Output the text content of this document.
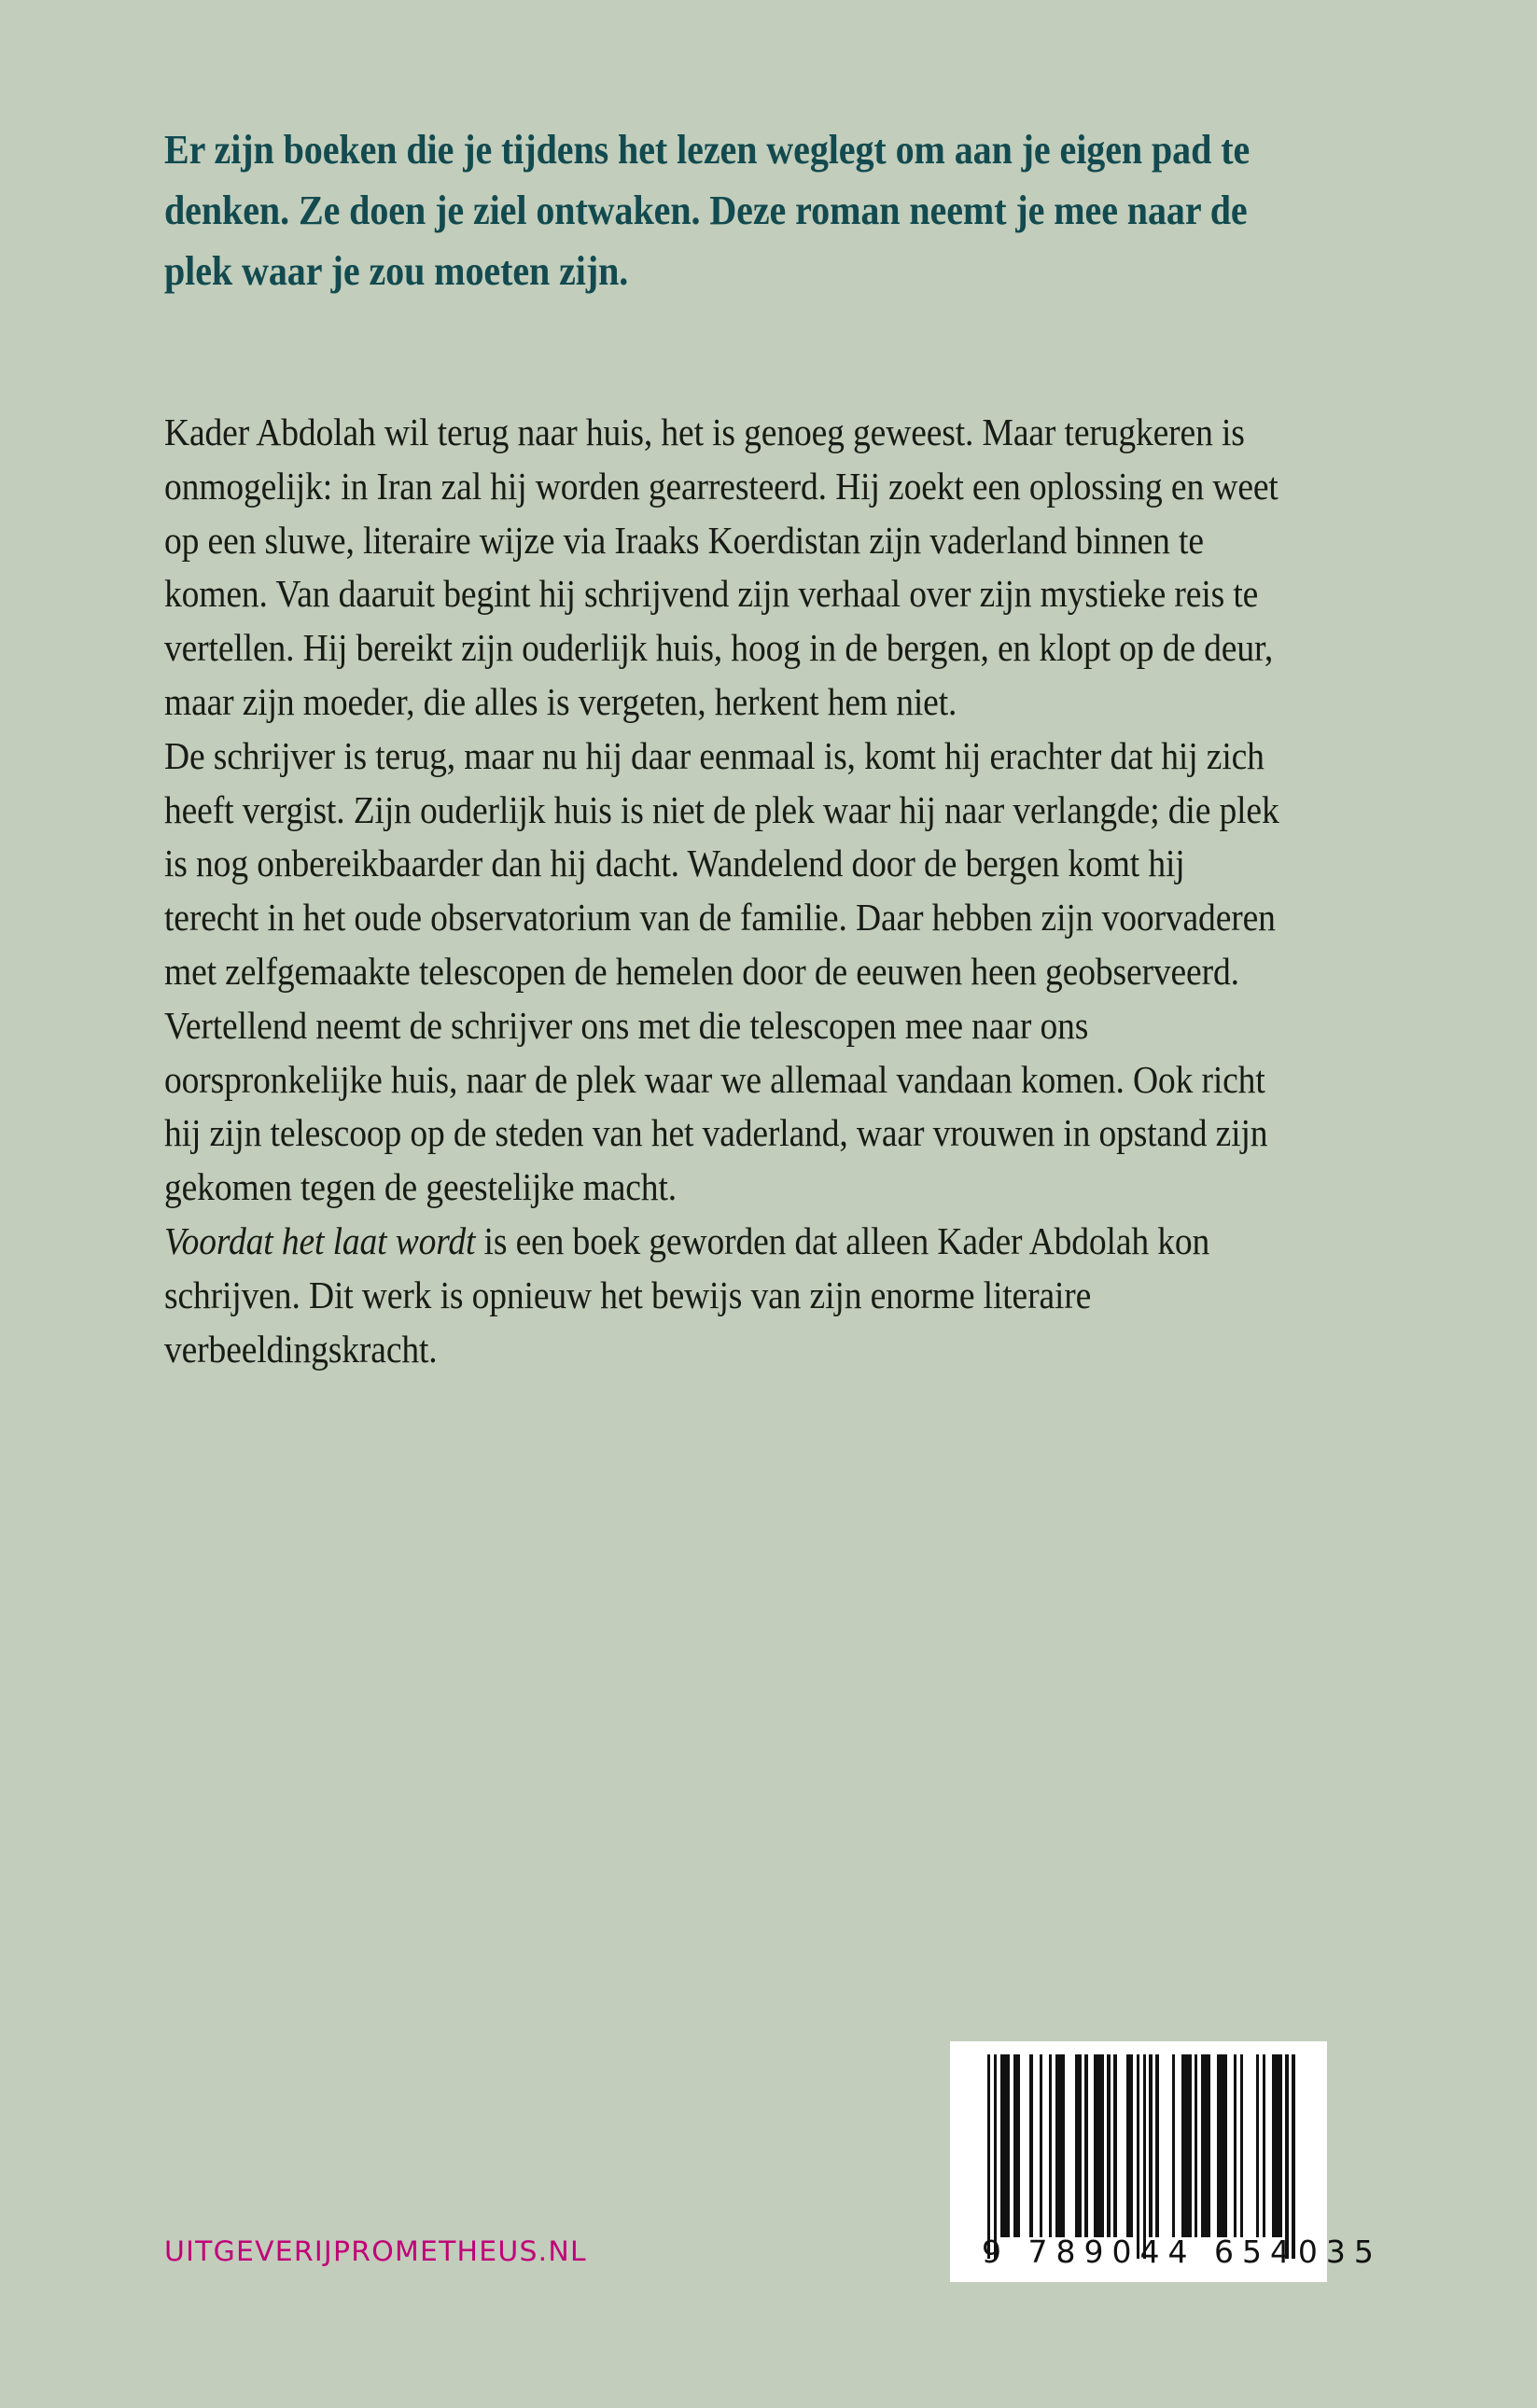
Er zijn boeken die je tijdens het lezen weglegt om aan je eigen pad te denken. Ze doen je ziel ontwaken. Deze roman neemt je mee naar de plek waar je zou moeten zijn.

Kader Abdolah wil terug naar huis, het is genoeg geweest. Maar terugkeren is onmogelijk: in Iran zal hij worden gearresteerd. Hij zoekt een oplossing en weet op een sluwe, literaire wijze via Iraaks Koerdistan zijn vaderland binnen te komen. Van daaruit begint hij schrijvend zijn verhaal over zijn mystieke reis te vertellen. Hij bereikt zijn ouderlijk huis, hoog in de bergen, en klopt op de deur, maar zijn moeder, die alles is vergeten, herkent hem niet.

De schrijver is terug, maar nu hij daar eenmaal is, komt hij erachter dat hij zich heeft vergist. Zijn ouderlijk huis is niet de plek waar hij naar verlangde; die plek is nog onbereikbaarder dan hij dacht. Wandelend door de bergen komt hij terecht in het oude observatorium van de familie. Daar hebben zijn voorvaderen met zelfgemaakte telescopen de hemelen door de eeuwen heen geobserveerd. Vertellend neemt de schrijver ons met die telescopen mee naar ons oorspronkelijke huis, naar de plek waar we allemaal vandaan komen. Ook richt hij zijn telescoop op de steden van het vaderland, waar vrouwen in opstand zijn gekomen tegen de geestelijke macht.

Voordat het laat wordt is een boek geworden dat alleen Kader Abdolah kon schrijven. Dit werk is opnieuw het bewijs van zijn enorme literaire verbeeldingskracht.

9 789044 654035
UITGEVERIJPROMETHEUS.NL
